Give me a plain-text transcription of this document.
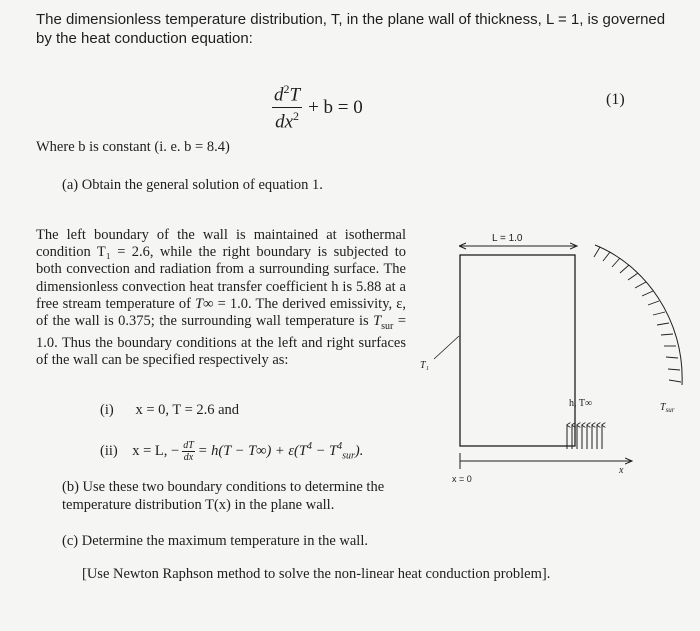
The dimensionless temperature distribution, T, in the plane wall of thickness, L = 1, is governed by the heat conduction equation:
$\frac{d^2T}{dx^2} + b = 0$	(1)
Where b is constant (i. e. b = 8.4)
(a) Obtain the general solution of equation 1.
The left boundary of the wall is maintained at isothermal condition T₁ = 2.6, while the right boundary is subjected to both convection and radiation from a surrounding surface. The dimensionless convection heat transfer coefficient h is 5.88 at a free stream temperature of T∞ = 1.0. The derived emissivity, ε, of the wall is 0.375; the surrounding wall temperature is $T_{sur} = 1.0$. Thus the boundary conditions at the left and right surfaces of the wall can be specified respectively as:
(i) x = 0, T = 2.6 and
(ii)
x = L, − $\frac{dT}{dx} = h(T - T\infty) + \varepsilon(T^4 - T^4_{sur})$.
(b) Use these two boundary conditions to determine the temperature distribution T(x) in the plane wall.
(c) Determine the maximum temperature in the wall.
[Use Newton Raphson method to solve the non-linear heat conduction problem].
L = 1.0
T₁
h, T∞	$T_{sur}$
x
x = 0
